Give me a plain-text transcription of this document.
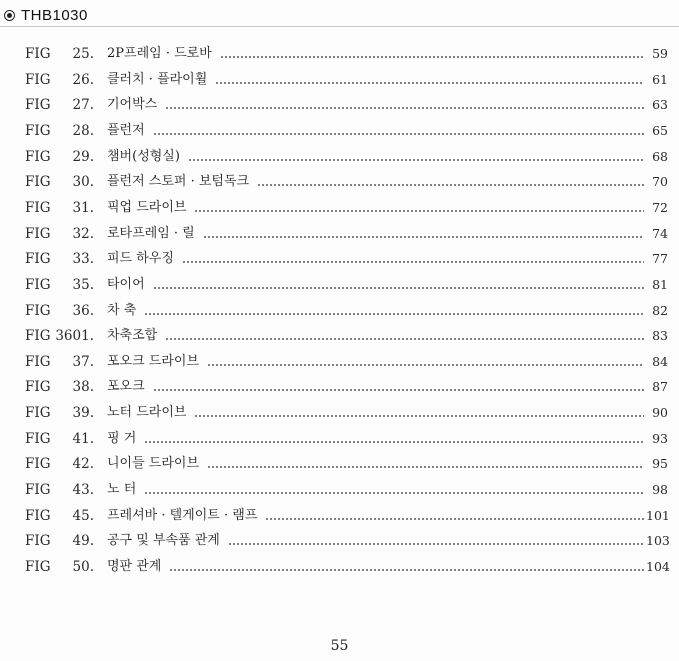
THB1030
FIG	25. 2P프레임 · 드로바	59
FIG	26. 클러치 · 플라이휠	61
FIG	27. 기어박스	63
FIG	28. 플런저	65
FIG	29. 챔버(성형실)	68
FIG	30. 플런저 스토퍼 · 보텀독크	70
FIG	31. 픽업 드라이브	72
FIG	32. 로타프레임 · 릴	74
FIG	33. 피드 하우징	77
FIG	35. 타이어	81
FIG	36. 차 축	82
FIG 3601. 차축조합	83
FIG	37. 포오크 드라이브	84
FIG	38. 포오크	87
FIG	39. 노터 드라이브	90
FIG	41. 핑 거	93
FIG	42. 니이들 드라이브	95
FIG	43. 노 터	98
FIG	45. 프레셔바 · 텔게이트 · 램프	101
FIG	49. 공구 및 부속품 관계	103
FIG	50. 명판 관계	104
55
